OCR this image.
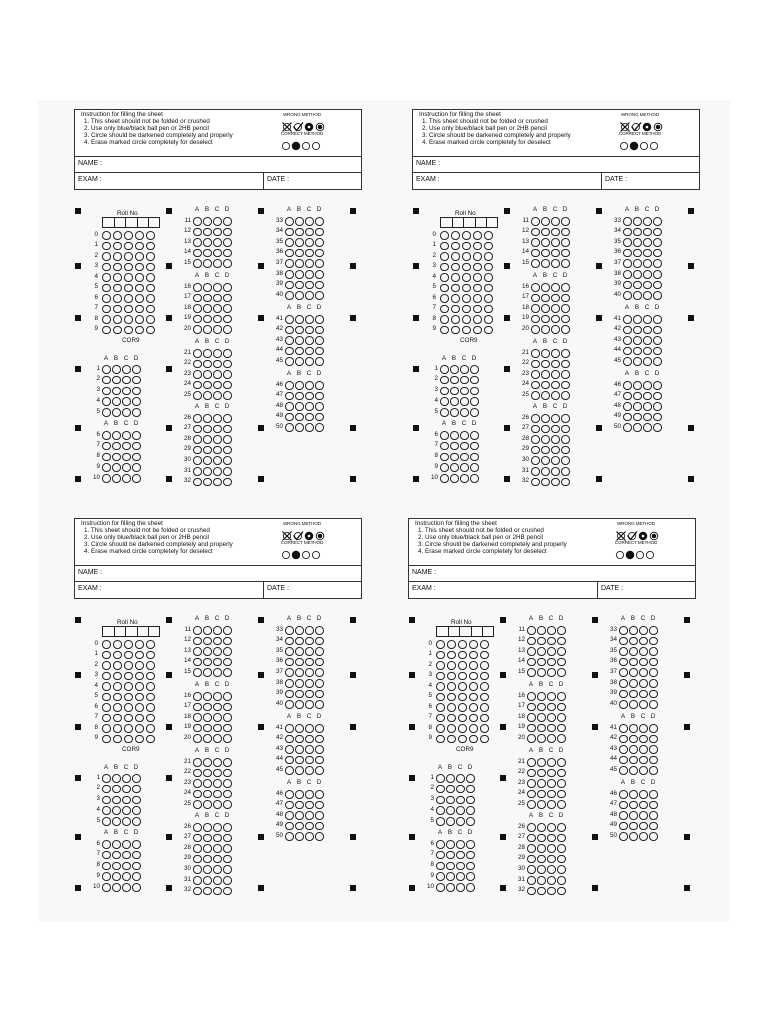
Instruction for filling the sheet
1. This sheet should not be folded or crushed
2. Use only blue/black ball pen or 2HB pencil
3. Circle should be darkened completely and properly
4. Erase marked circle completely for deselect
WRONG METHOD
CORRECT METHOD
NAME :
EXAM :	DATE :
Roll No
0
1
2
3
4
5
6
7
8
9
COR9
A B C D
1
2
3
4
5
A B C D
6
7
8
9
10
A B C D
11
12
13
14
15
A B C D
16
17
18
19
20
A B C D
21
22
23
24
25
A B C D
26
27
28
29
30
31
32
A B C D
33
34
35
36
37
38
39
40
A B C D
41
42
43
44
45
A B C D
46
47
48
49
50
Instruction for filling the sheet
1. This sheet should not be folded or crushed
2. Use only blue/black ball pen or 2HB pencil
3. Circle should be darkened completely and properly
4. Erase marked circle completely for deselect
WRONG METHOD
CORRECT METHOD
NAME :
EXAM :	DATE :
Roll No
0
1
2
3
4
5
6
7
8
9
COR9
A B C D
1
2
3
4
5
A B C D
6
7
8
9
10
A B C D
11
12
13
14
15
A B C D
16
17
18
19
20
A B C D
21
22
23
24
25
A B C D
26
27
28
29
30
31
32
A B C D
33
34
35
36
37
38
39
40
A B C D
41
42
43
44
45
A B C D
46
47
48
49
50
Instruction for filling the sheet
1. This sheet should not be folded or crushed
2. Use only blue/black ball pen or 2HB pencil
3. Circle should be darkened completely and properly
4. Erase marked circle completely for deselect
WRONG METHOD
CORRECT METHOD
NAME :
EXAM :	DATE :
Roll No
0
1
2
3
4
5
6
7
8
9
COR9
A B C D
1
2
3
4
5
A B C D
6
7
8
9
10
A B C D
11
12
13
14
15
A B C D
16
17
18
19
20
A B C D
21
22
23
24
25
A B C D
26
27
28
29
30
31
32
A B C D
33
34
35
36
37
38
39
40
A B C D
41
42
43
44
45
A B C D
46
47
48
49
50
Instruction for filling the sheet
1. This sheet should not be folded or crushed
2. Use only blue/black ball pen or 2HB pencil
3. Circle should be darkened completely and properly
4. Erase marked circle completely for deselect
WRONG METHOD
CORRECT METHOD
NAME :
EXAM :	DATE :
Roll No
0
1
2
3
4
5
6
7
8
9
COR9
A B C D
1
2
3
4
5
A B C D
6
7
8
9
10
A B C D
11
12
13
14
15
A B C D
16
17
18
19
20
A B C D
21
22
23
24
25
A B C D
26
27
28
29
30
31
32
A B C D
33
34
35
36
37
38
39
40
A B C D
41
42
43
44
45
A B C D
46
47
48
49
50
